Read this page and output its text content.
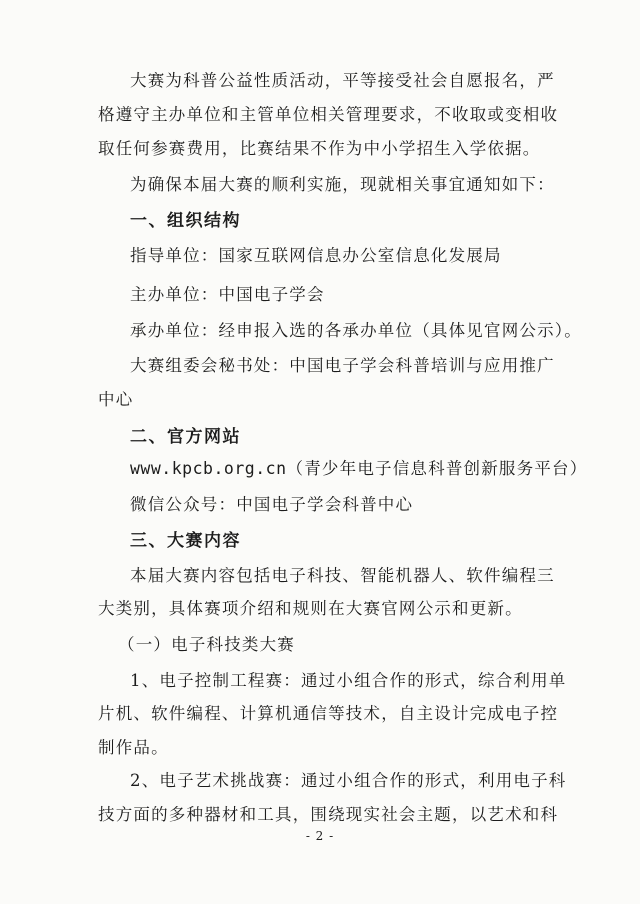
大赛为科普公益性质活动，平等接受社会自愿报名，严
格遵守主办单位和主管单位相关管理要求，不收取或变相收
取任何参赛费用，比赛结果不作为中小学招生入学依据。
为确保本届大赛的顺利实施，现就相关事宜通知如下：
一、组织结构
指导单位：国家互联网信息办公室信息化发展局
主办单位：中国电子学会
承办单位：经申报入选的各承办单位（具体见官网公示）。
大赛组委会秘书处：中国电子学会科普培训与应用推广
中心
二、官方网站
www.kpcb.org.cn（青少年电子信息科普创新服务平台）
微信公众号：中国电子学会科普中心
三、大赛内容
本届大赛内容包括电子科技、智能机器人、软件编程三
大类别，具体赛项介绍和规则在大赛官网公示和更新。
（一）电子科技类大赛
1、电子控制工程赛：通过小组合作的形式，综合利用单
片机、软件编程、计算机通信等技术，自主设计完成电子控
制作品。
2、电子艺术挑战赛：通过小组合作的形式，利用电子科
技方面的多种器材和工具，围绕现实社会主题，以艺术和科
- 2 -
